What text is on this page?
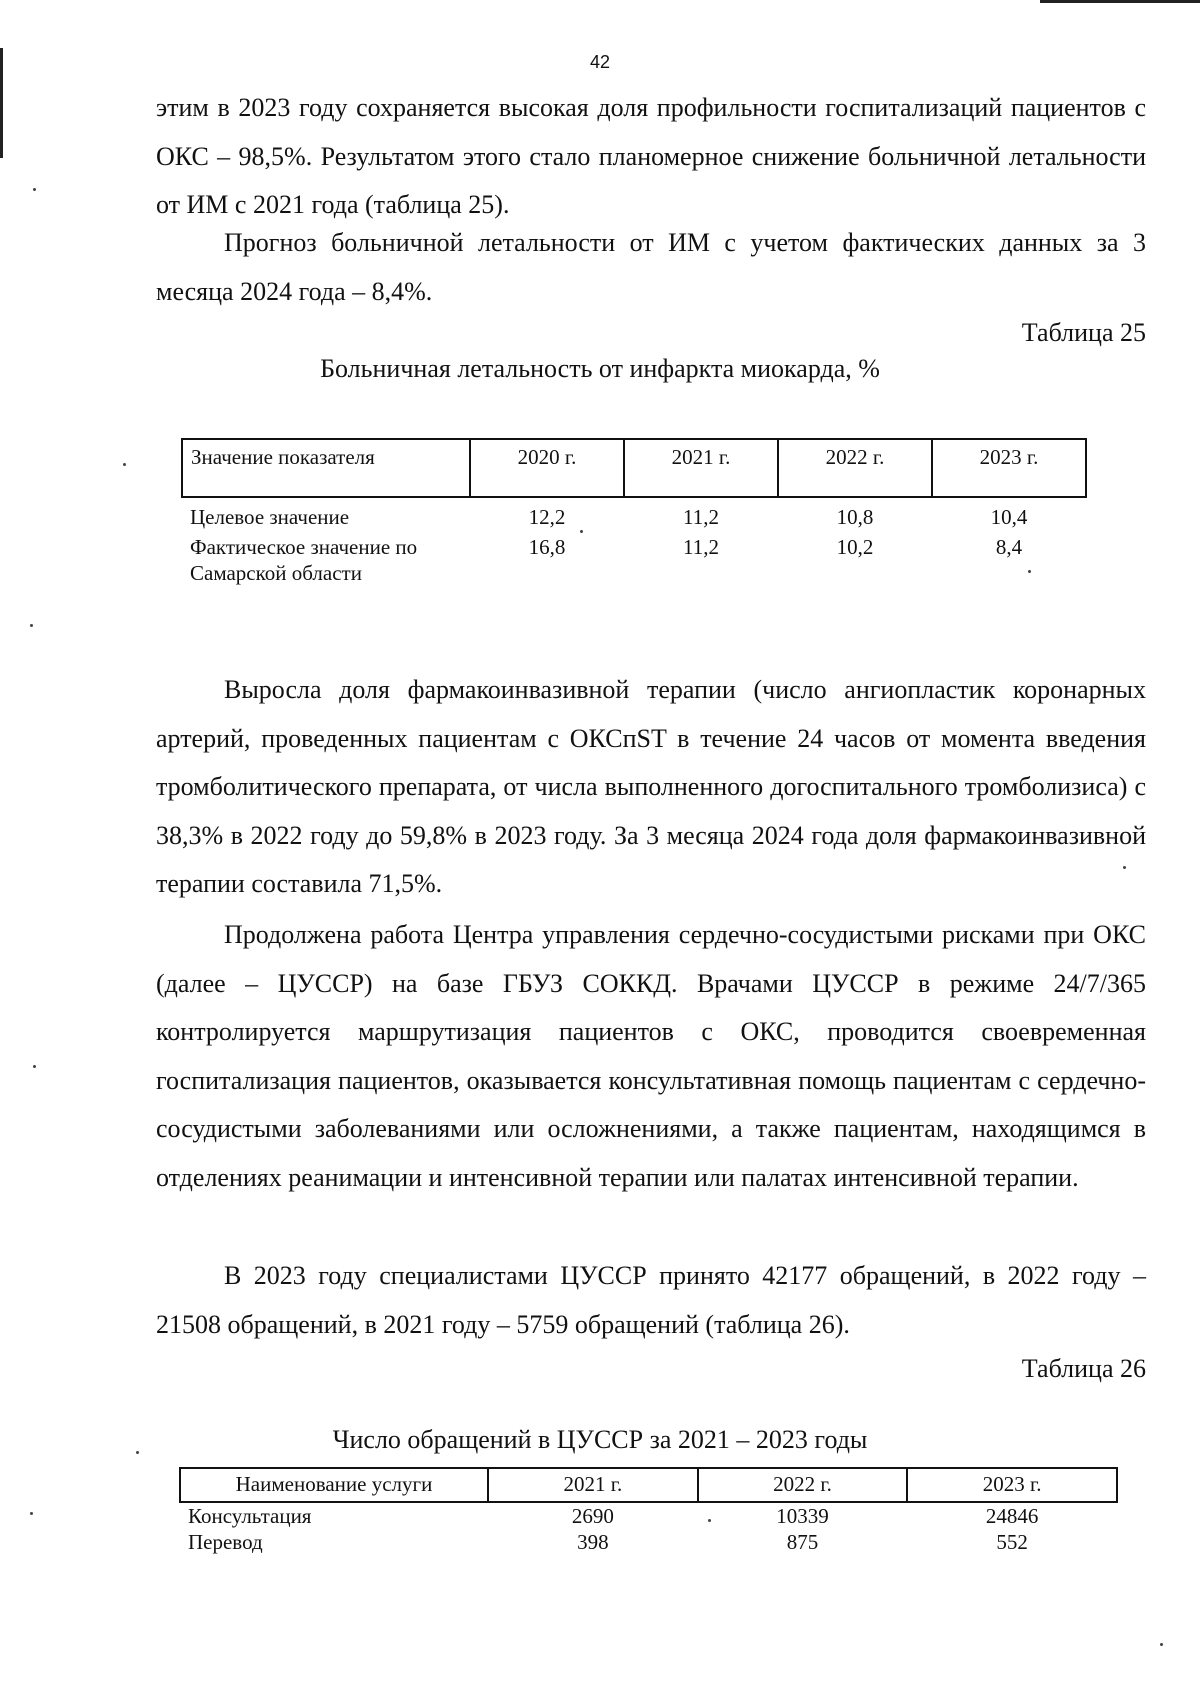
42

этим в 2023 году сохраняется высокая доля профильности госпитализаций пациентов с ОКС – 98,5%. Результатом этого стало планомерное снижение больничной летальности от ИМ с 2021 года (таблица 25).

Прогноз больничной летальности от ИМ с учетом фактических данных за 3 месяца 2024 года – 8,4%.

Таблица 25
Больничная летальность от инфаркта миокарда, %
Значение показателя	2020 г.	2021 г.	2022 г.	2023 г.
Целевое значение	12,2	11,2	10,8	10,4
Фактическое значение по Самарской области	16,8	11,2	10,2	8,4

Выросла доля фармакоинвазивной терапии (число ангиопластик коронарных артерий, проведенных пациентам с ОКСпST в течение 24 часов от момента введения тромболитического препарата, от числа выполненного догоспитального тромболизиса) с 38,3% в 2022 году до 59,8% в 2023 году. За 3 месяца 2024 года доля фармакоинвазивной терапии составила 71,5%.

Продолжена работа Центра управления сердечно-сосудистыми рисками при ОКС (далее – ЦУССР) на базе ГБУЗ СОККД. Врачами ЦУССР в режиме 24/7/365 контролируется маршрутизация пациентов с ОКС, проводится своевременная госпитализация пациентов, оказывается консультативная помощь пациентам с сердечно-сосудистыми заболеваниями или осложнениями, а также пациентам, находящимся в отделениях реанимации и интенсивной терапии или палатах интенсивной терапии.

В 2023 году специалистами ЦУССР принято 42177 обращений, в 2022 году – 21508 обращений, в 2021 году – 5759 обращений (таблица 26).

Таблица 26
Число обращений в ЦУССР за 2021 – 2023 годы
Наименование услуги	2021 г.	2022 г.	2023 г.
Консультация	2690	10339	24846
Перевод	398	875	552
